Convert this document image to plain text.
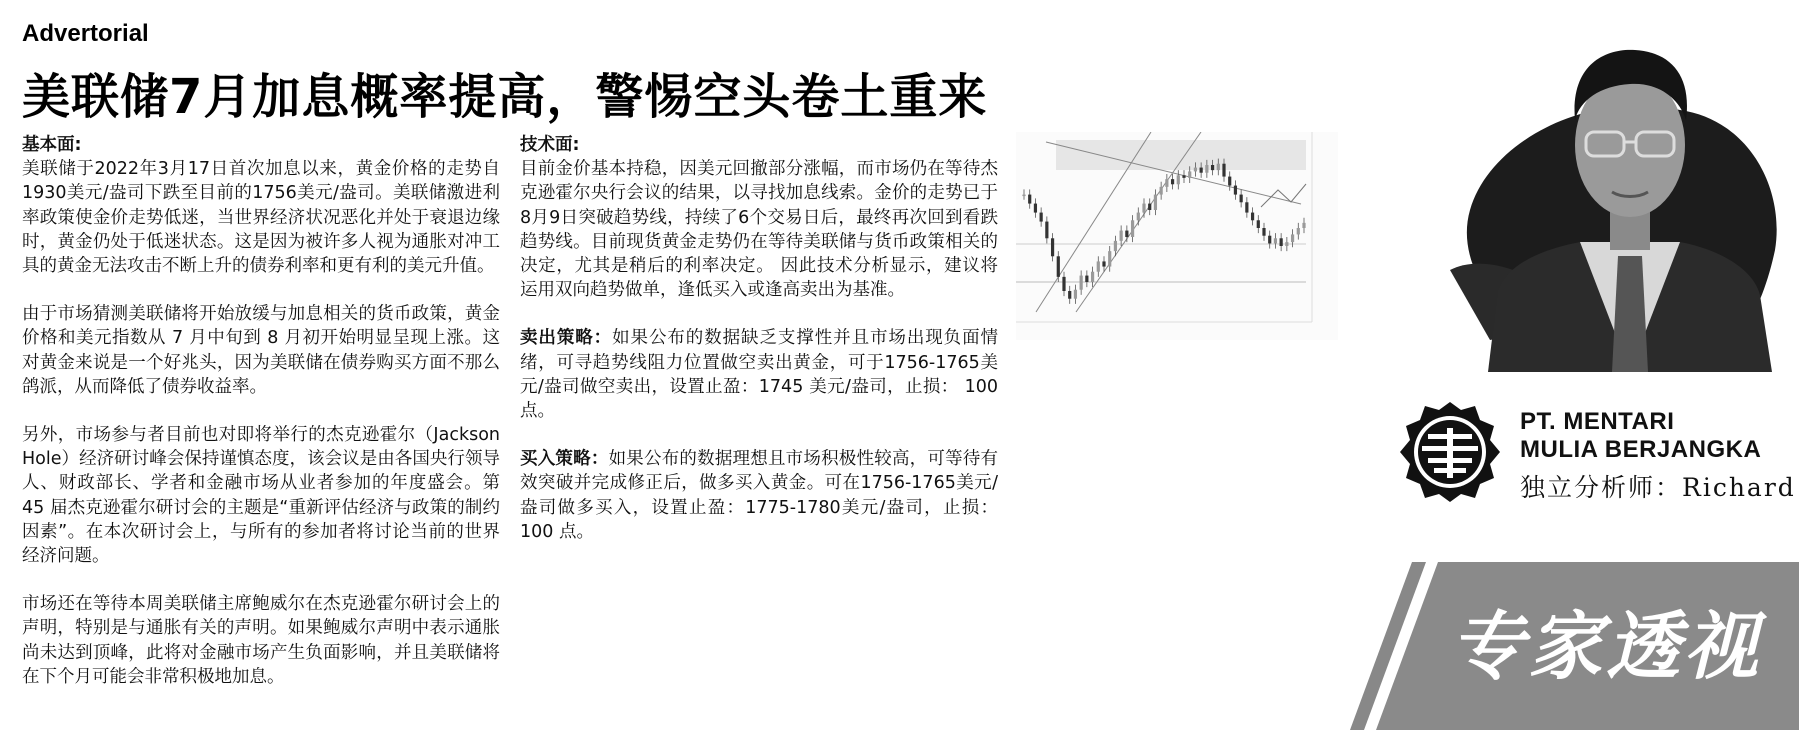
Advertorial
美联储7月加息概率提高，警惕空头卷土重来
基本面:

美联储于2022年3月17日首次加息以来，黄金价格的走势自1930美元/盎司下跌至目前的1756美元/盎司。美联储激进利率政策使金价走势低迷，当世界经济状况恶化并处于衰退边缘时，黄金仍处于低迷状态。这是因为被许多人视为通胀对冲工具的黄金无法攻击不断上升的债券利率和更有利的美元升值。

由于市场猜测美联储将开始放缓与加息相关的货币政策，黄金价格和美元指数从 7 月中旬到 8 月初开始明显呈现上涨。这对黄金来说是一个好兆头，因为美联储在债券购买方面不那么鸽派，从而降低了债券收益率。

另外，市场参与者目前也对即将举行的杰克逊霍尔（Jackson Hole）经济研讨峰会保持谨慎态度，该会议是由各国央行领导人、财政部长、学者和金融市场从业者参加的年度盛会。第 45 届杰克逊霍尔研讨会的主题是“重新评估经济与政策的制约因素”。在本次研讨会上，与所有的参加者将讨论当前的世界经济问题。

市场还在等待本周美联储主席鲍威尔在杰克逊霍尔研讨会上的声明，特别是与通胀有关的声明。如果鲍威尔声明中表示通胀尚未达到顶峰，此将对金融市场产生负面影响，并且美联储将在下个月可能会非常积极地加息。

技术面:

目前金价基本持稳，因美元回撤部分涨幅，而市场仍在等待杰克逊霍尔央行会议的结果，以寻找加息线索。金价的走势已于8月9日突破趋势线，持续了6个交易日后，最终再次回到看跌趋势线。目前现货黄金走势仍在等待美联储与货币政策相关的决定，尤其是稍后的利率决定。 因此技术分析显示，建议将运用双向趋势做单，逢低买入或逢高卖出为基准。

卖出策略：如果公布的数据缺乏支撑性并且市场出现负面情绪，可寻趋势线阻力位置做空卖出黄金，可于1756-1765美元/盎司做空卖出，设置止盈：1745 美元/盎司，止损： 100 点。

买入策略：如果公布的数据理想且市场积极性较高，可等待有效突破并完成修正后，做多买入黄金。可在1756-1765美元/盎司做多买入，设置止盈：1775-1780美元/盎司，止损：100 点。

PT. MENTARI
MULIA BERJANGKA
独立分析师：Richard
专家透视
